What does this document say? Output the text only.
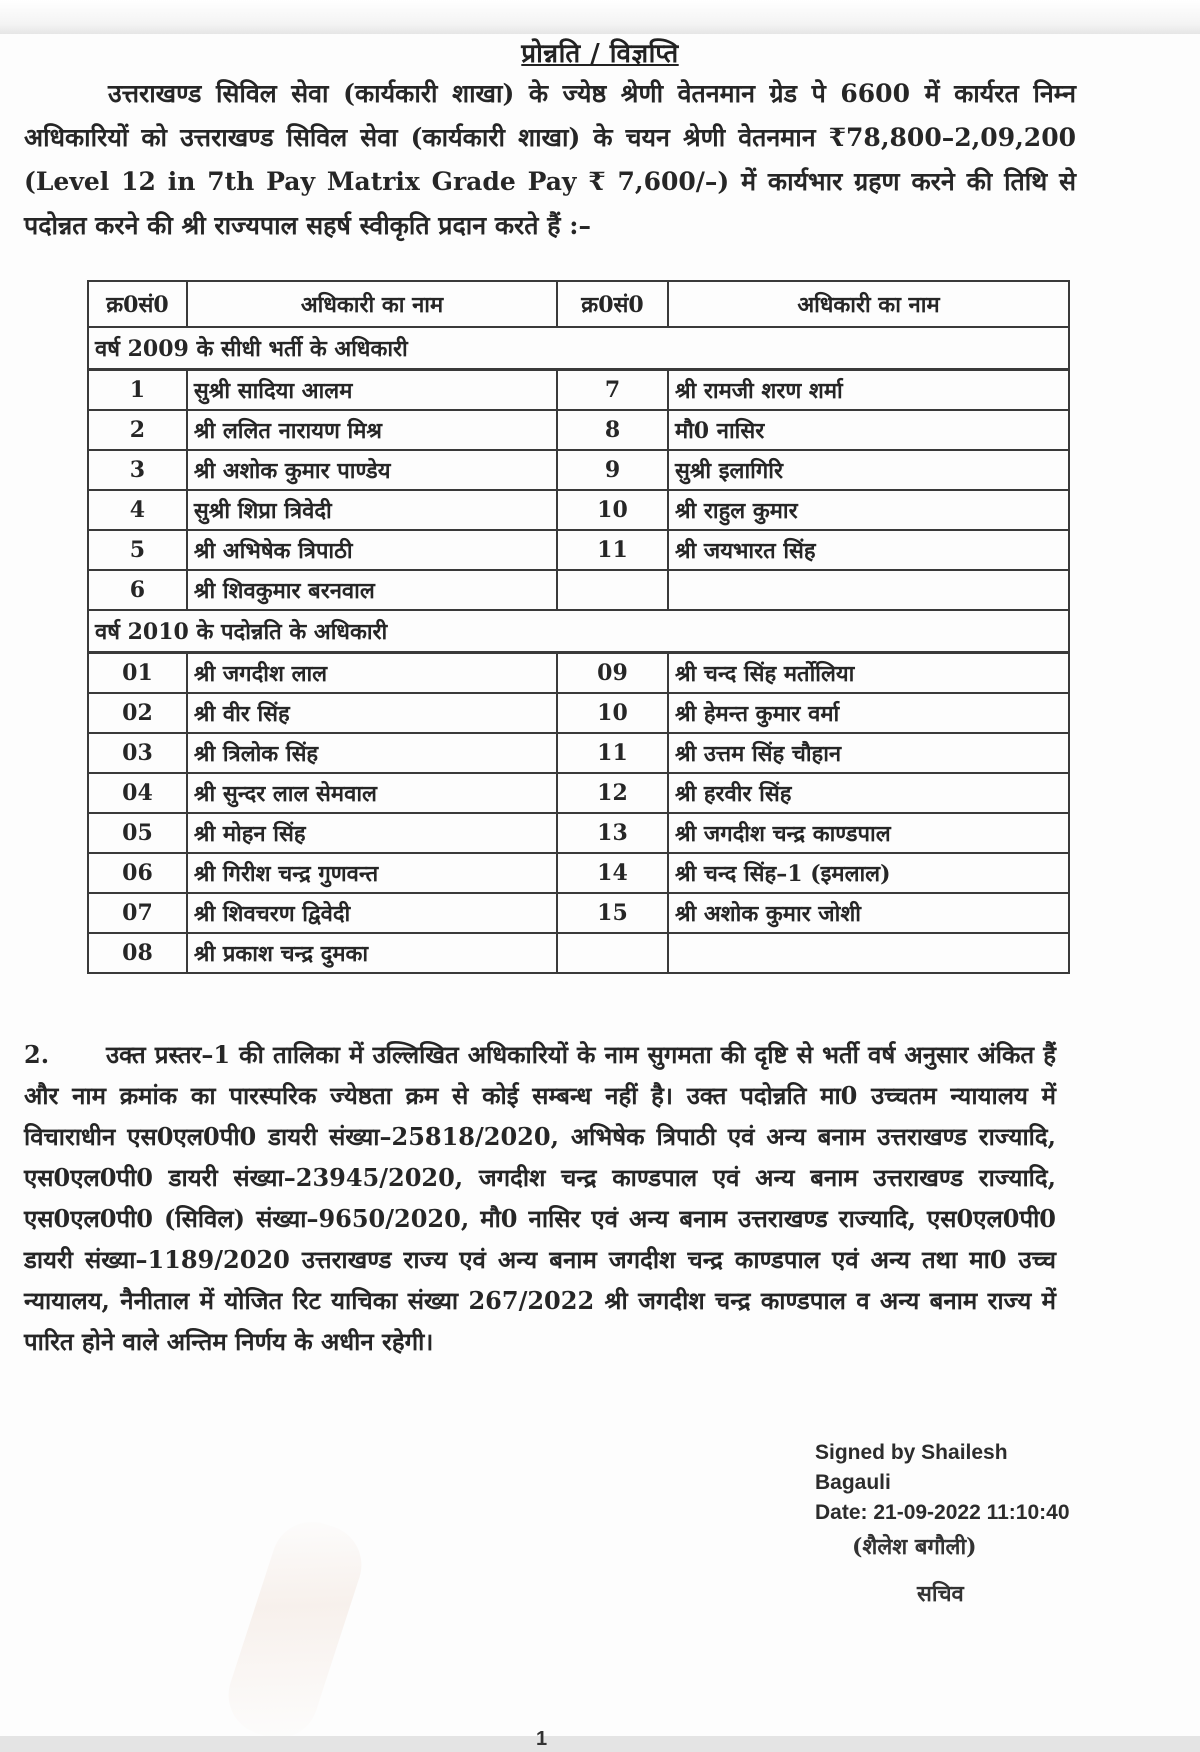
प्रोन्नति / विज्ञप्ति
उत्तराखण्ड सिविल सेवा (कार्यकारी शाखा) के ज्येष्ठ श्रेणी वेतनमान ग्रेड पे 6600 में कार्यरत निम्न अधिकारियों को उत्तराखण्ड सिविल सेवा (कार्यकारी शाखा) के चयन श्रेणी वेतनमान ₹78,800–2,09,200 (Level 12 in 7th Pay Matrix Grade Pay ₹ 7,600/–) में कार्यभार ग्रहण करने की तिथि से पदोन्नत करने की श्री राज्यपाल सहर्ष स्वीकृति प्रदान करते हैं :–
क्र0सं0	अधिकारी का नाम	क्र0सं0	अधिकारी का नाम
वर्ष 2009 के सीधी भर्ती के अधिकारी			
1	सुश्री सादिया आलम	7	श्री रामजी शरण शर्मा
2	श्री ललित नारायण मिश्र	8	मौ0 नासिर
3	श्री अशोक कुमार पाण्डेय	9	सुश्री इलागिरि
4	सुश्री शिप्रा त्रिवेदी	10	श्री राहुल कुमार
5	श्री अभिषेक त्रिपाठी	11	श्री जयभारत सिंह
6	श्री शिवकुमार बरनवाल		
वर्ष 2010 के पदोन्नति के अधिकारी			
01	श्री जगदीश लाल	09	श्री चन्द सिंह मर्तोलिया
02	श्री वीर सिंह	10	श्री हेमन्त कुमार वर्मा
03	श्री त्रिलोक सिंह	11	श्री उत्तम सिंह चौहान
04	श्री सुन्दर लाल सेमवाल	12	श्री हरवीर सिंह
05	श्री मोहन सिंह	13	श्री जगदीश चन्द्र काण्डपाल
06	श्री गिरीश चन्द्र गुणवन्त	14	श्री चन्द सिंह–1 (इमलाल)
07	श्री शिवचरण द्विवेदी	15	श्री अशोक कुमार जोशी
08	श्री प्रकाश चन्द्र दुमका		
2. उक्त प्रस्तर–1 की तालिका में उल्लिखित अधिकारियों के नाम सुगमता की दृष्टि से भर्ती वर्ष अनुसार अंकित हैं और नाम क्रमांक का पारस्परिक ज्येष्ठता क्रम से कोई सम्बन्ध नहीं है। उक्त पदोन्नति मा0 उच्चतम न्यायालय में विचाराधीन एस0एल0पी0 डायरी संख्या–25818/2020, अभिषेक त्रिपाठी एवं अन्य बनाम उत्तराखण्ड राज्यादि, एस0एल0पी0 डायरी संख्या–23945/2020, जगदीश चन्द्र काण्डपाल एवं अन्य बनाम उत्तराखण्ड राज्यादि, एस0एल0पी0 (सिविल) संख्या–9650/2020, मौ0 नासिर एवं अन्य बनाम उत्तराखण्ड राज्यादि, एस0एल0पी0 डायरी संख्या–1189/2020 उत्तराखण्ड राज्य एवं अन्य बनाम जगदीश चन्द्र काण्डपाल एवं अन्य तथा मा0 उच्च न्यायालय, नैनीताल में योजित रिट याचिका संख्या 267/2022 श्री जगदीश चन्द्र काण्डपाल व अन्य बनाम राज्य में पारित होने वाले अन्तिम निर्णय के अधीन रहेगी।
Signed by Shailesh
Bagauli
Date: 21-09-2022 11:10:40
(शैलेश बगौली)
सचिव
1
